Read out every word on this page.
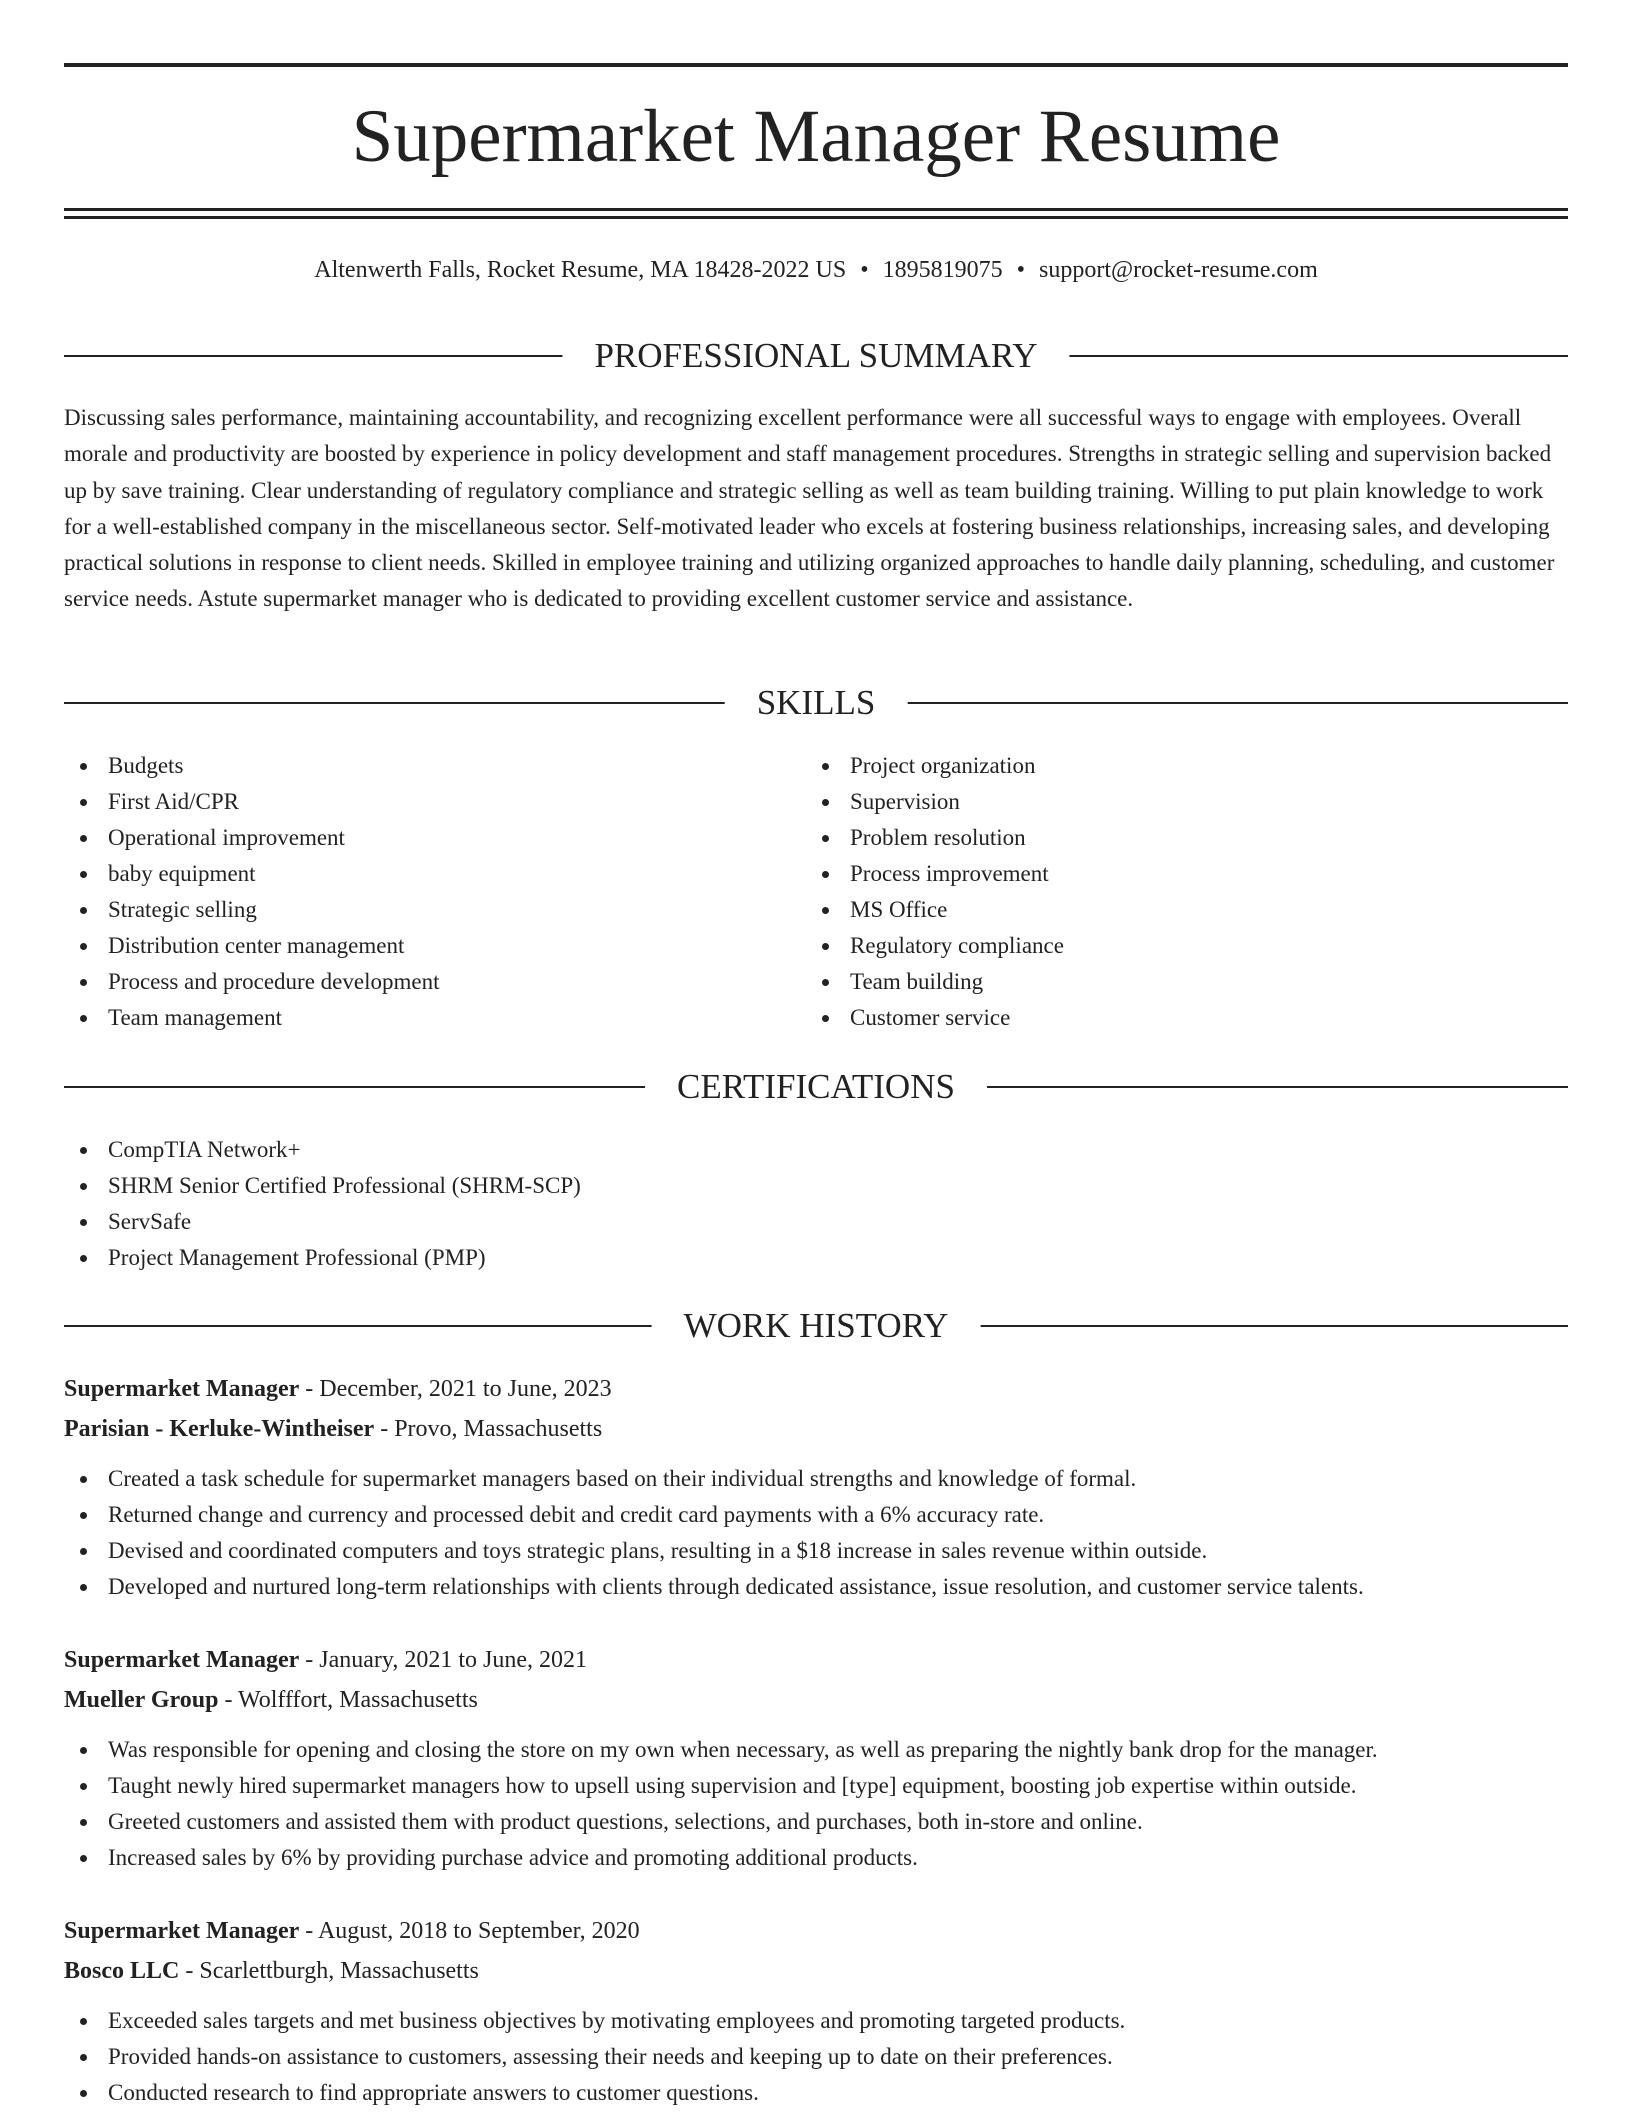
Supermarket Manager Resume
Altenwerth Falls, Rocket Resume, MA 18428-2022 US • 1895819075 • support@rocket-resume.com
PROFESSIONAL SUMMARY

Discussing sales performance, maintaining accountability, and recognizing excellent performance were all successful ways to engage with employees. Overall morale and productivity are boosted by experience in policy development and staff management procedures. Strengths in strategic selling and supervision backed up by save training. Clear understanding of regulatory compliance and strategic selling as well as team building training. Willing to put plain knowledge to work for a well-established company in the miscellaneous sector. Self-motivated leader who excels at fostering business relationships, increasing sales, and developing practical solutions in response to client needs. Skilled in employee training and utilizing organized approaches to handle daily planning, scheduling, and customer service needs. Astute supermarket manager who is dedicated to providing excellent customer service and assistance.

SKILLS
Budgets
First Aid/CPR
Operational improvement
baby equipment
Strategic selling
Distribution center management
Process and procedure development
Team management
Project organization
Supervision
Problem resolution
Process improvement
MS Office
Regulatory compliance
Team building
Customer service
CERTIFICATIONS
CompTIA Network+
SHRM Senior Certified Professional (SHRM-SCP)
ServSafe
Project Management Professional (PMP)
WORK HISTORY
Supermarket Manager - December, 2021 to June, 2023
Parisian - Kerluke-Wintheiser - Provo, Massachusetts
Created a task schedule for supermarket managers based on their individual strengths and knowledge of formal.
Returned change and currency and processed debit and credit card payments with a 6% accuracy rate.
Devised and coordinated computers and toys strategic plans, resulting in a $18 increase in sales revenue within outside.
Developed and nurtured long-term relationships with clients through dedicated assistance, issue resolution, and customer service talents.
Supermarket Manager - January, 2021 to June, 2021
Mueller Group - Wolfffort, Massachusetts
Was responsible for opening and closing the store on my own when necessary, as well as preparing the nightly bank drop for the manager.
Taught newly hired supermarket managers how to upsell using supervision and [type] equipment, boosting job expertise within outside.
Greeted customers and assisted them with product questions, selections, and purchases, both in-store and online.
Increased sales by 6% by providing purchase advice and promoting additional products.
Supermarket Manager - August, 2018 to September, 2020
Bosco LLC - Scarlettburgh, Massachusetts
Exceeded sales targets and met business objectives by motivating employees and promoting targeted products.
Provided hands-on assistance to customers, assessing their needs and keeping up to date on their preferences.
Conducted research to find appropriate answers to customer questions.
